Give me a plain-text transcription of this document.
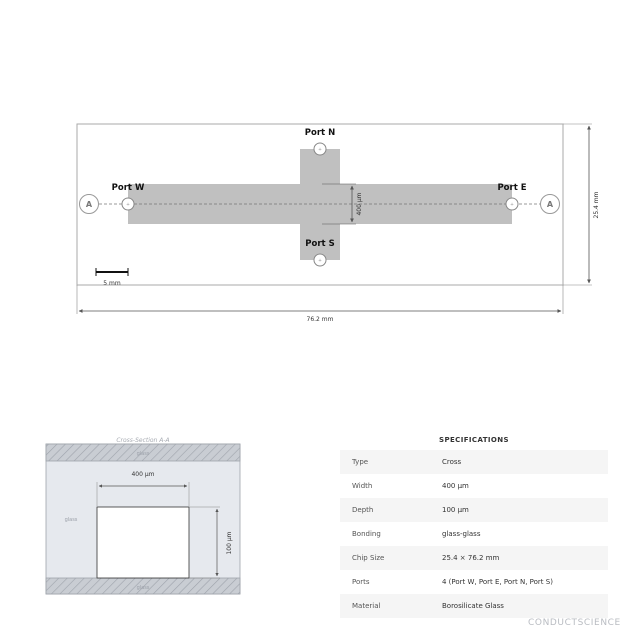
A	A
+	+
+
+
Port N
Port S
Port W	Port E
400 µm	25.4 mm
76.2 mm
5 mm
Cross-Section A-A
glass
glass
glass
400 µm
100 µm
SPECIFICATIONS
Type	Cross
Width	400 µm
Depth	100 µm
Bonding	glass-glass
Chip Size	25.4 × 76.2 mm
Ports	4 (Port W, Port E, Port N, Port S)
Material	Borosilicate Glass
CONDUCTSCIENCE
